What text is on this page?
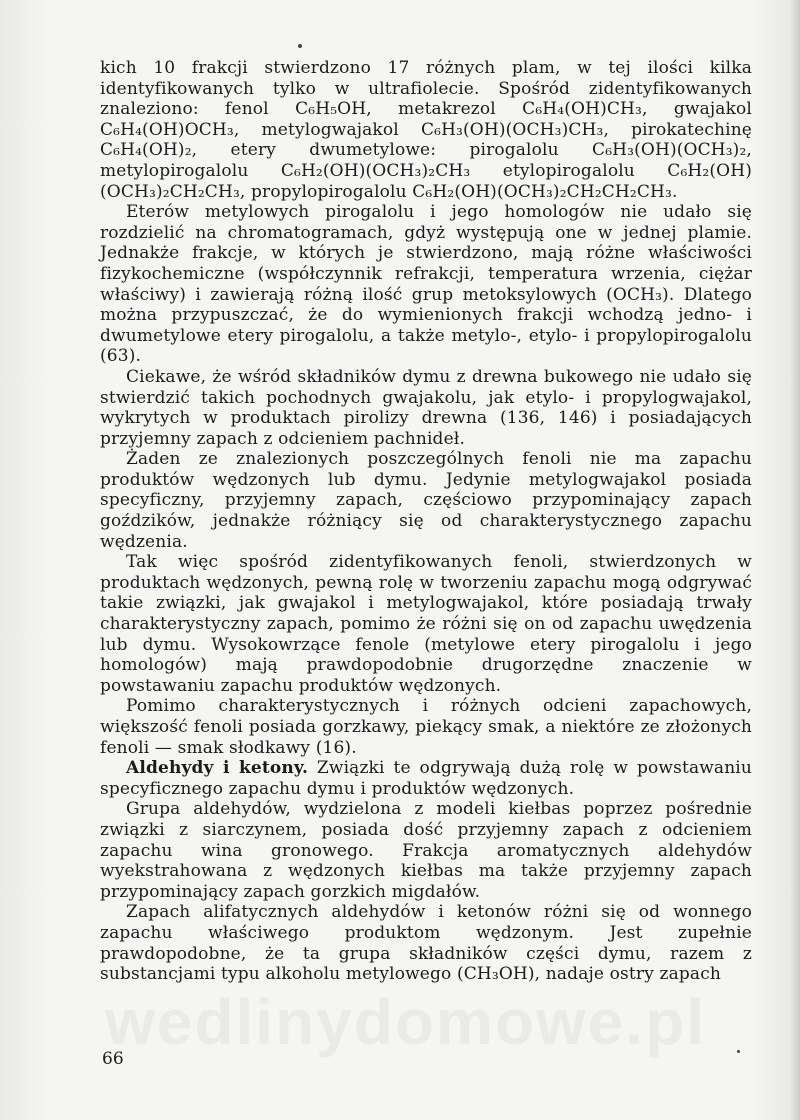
kich 10 frakcji stwierdzono 17 różnych plam, w tej ilości kilka identyfikowanych tylko w ultrafiolecie. Spośród zidentyfikowanych znaleziono: fenol C₆H₅OH, metakrezol C₆H₄(OH)CH₃, gwajakol C₆H₄(OH)OCH₃, metylogwajakol C₆H₃(OH)(OCH₃)CH₃, pirokatechinę C₆H₄(OH)₂, etery dwumetylowe: pirogalolu C₆H₃(OH)(OCH₃)₂, metylopirogalolu C₆H₂(OH)(OCH₃)₂CH₃ etylopirogalolu C₆H₂(OH)(OCH₃)₂CH₂CH₃, propylopirogalolu C₆H₂(OH)(OCH₃)₂CH₂CH₂CH₃.

Eterów metylowych pirogalolu i jego homologów nie udało się rozdzielić na chromatogramach, gdyż występują one w jednej plamie. Jednakże frakcje, w których je stwierdzono, mają różne właściwości fizykochemiczne (współczynnik refrakcji, temperatura wrzenia, ciężar właściwy) i zawierają różną ilość grup metoksylowych (OCH₃). Dlatego można przypuszczać, że do wymienionych frakcji wchodzą jedno- i dwumetylowe etery pirogalolu, a także metylo-, etylo- i propylopirogalolu (63).

Ciekawe, że wśród składników dymu z drewna bukowego nie udało się stwierdzić takich pochodnych gwajakolu, jak etylo- i propylogwajakol, wykrytych w produktach pirolizy drewna (136, 146) i posiadających przyjemny zapach z odcieniem pachnideł.

Żaden ze znalezionych poszczególnych fenoli nie ma zapachu produktów wędzonych lub dymu. Jedynie metylogwajakol posiada specyficzny, przyjemny zapach, częściowo przypominający zapach goździków, jednakże różniący się od charakterystycznego zapachu wędzenia.

Tak więc spośród zidentyfikowanych fenoli, stwierdzonych w produktach wędzonych, pewną rolę w tworzeniu zapachu mogą odgrywać takie związki, jak gwajakol i metylogwajakol, które posiadają trwały charakterystyczny zapach, pomimo że różni się on od zapachu uwędzenia lub dymu. Wysokowrzące fenole (metylowe etery pirogalolu i jego homologów) mają prawdopodobnie drugorzędne znaczenie w powstawaniu zapachu produktów wędzonych.

Pomimo charakterystycznych i różnych odcieni zapachowych, większość fenoli posiada gorzkawy, piekący smak, a niektóre ze złożonych fenoli — smak słodkawy (16).

Aldehydy i ketony. Związki te odgrywają dużą rolę w powstawaniu specyficznego zapachu dymu i produktów wędzonych.

Grupa aldehydów, wydzielona z modeli kiełbas poprzez pośrednie związki z siarczynem, posiada dość przyjemny zapach z odcieniem zapachu wina gronowego. Frakcja aromatycznych aldehydów wyekstrahowana z wędzonych kiełbas ma także przyjemny zapach przypominający zapach gorzkich migdałów.

Zapach alifatycznych aldehydów i ketonów różni się od wonnego zapachu właściwego produktom wędzonym. Jest zupełnie prawdopodobne, że ta grupa składników części dymu, razem z substancjami typu alkoholu metylowego (CH₃OH), nadaje ostry zapach

66
